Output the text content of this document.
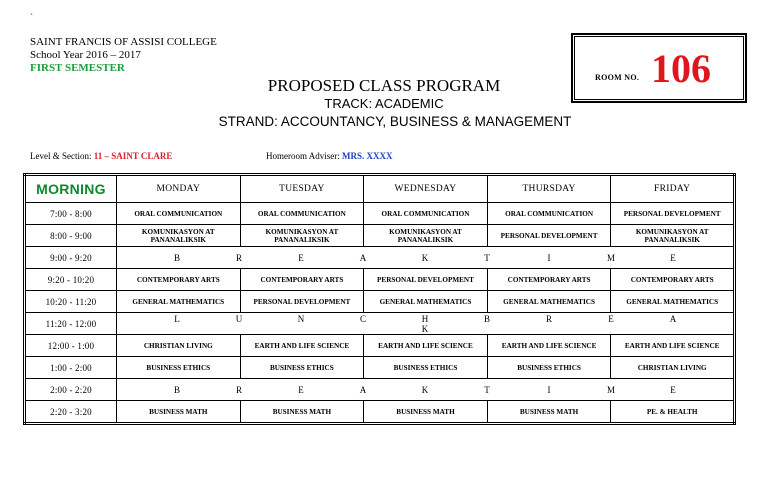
`
SAINT FRANCIS OF ASSISI COLLEGE
School Year 2016 – 2017
FIRST SEMESTER
PROPOSED CLASS PROGRAM
TRACK: ACADEMIC
STRAND: ACCOUNTANCY, BUSINESS & MANAGEMENT
ROOM NO. 106
Level & Section: 11 – SAINT CLARE	Homeroom Adviser: MRS. XXXX
MORNING	MONDAY	TUESDAY	WEDNESDAY	THURSDAY	FRIDAY
7:00 - 8:00	ORAL COMMUNICATION	ORAL COMMUNICATION	ORAL COMMUNICATION	ORAL COMMUNICATION	PERSONAL DEVELOPMENT
8:00 - 9:00	KOMUNIKASYON AT PANANALIKSIK	KOMUNIKASYON AT PANANALIKSIK	KOMUNIKASYON AT PANANALIKSIK	PERSONAL DEVELOPMENT	KOMUNIKASYON AT PANANALIKSIK
9:00 - 9:20	B R E A K T I M E				
9:20 - 10:20	CONTEMPORARY ARTS	CONTEMPORARY ARTS	PERSONAL DEVELOPMENT	CONTEMPORARY ARTS	CONTEMPORARY ARTS
10:20 - 11:20	GENERAL MATHEMATICS	PERSONAL DEVELOPMENT	GENERAL MATHEMATICS	GENERAL MATHEMATICS	GENERAL MATHEMATICS
11:20 - 12:00	L U N C H B R E AK				
12:00 - 1:00	CHRISTIAN LIVING	EARTH AND LIFE SCIENCE	EARTH AND LIFE SCIENCE	EARTH AND LIFE SCIENCE	EARTH AND LIFE SCIENCE
1:00 - 2:00	BUSINESS ETHICS	BUSINESS ETHICS	BUSINESS ETHICS	BUSINESS ETHICS	CHRISTIAN LIVING
2:00 - 2:20	B R E A K T I M E				
2:20 - 3:20	BUSINESS MATH	BUSINESS MATH	BUSINESS MATH	BUSINESS MATH	PE. & HEALTH
